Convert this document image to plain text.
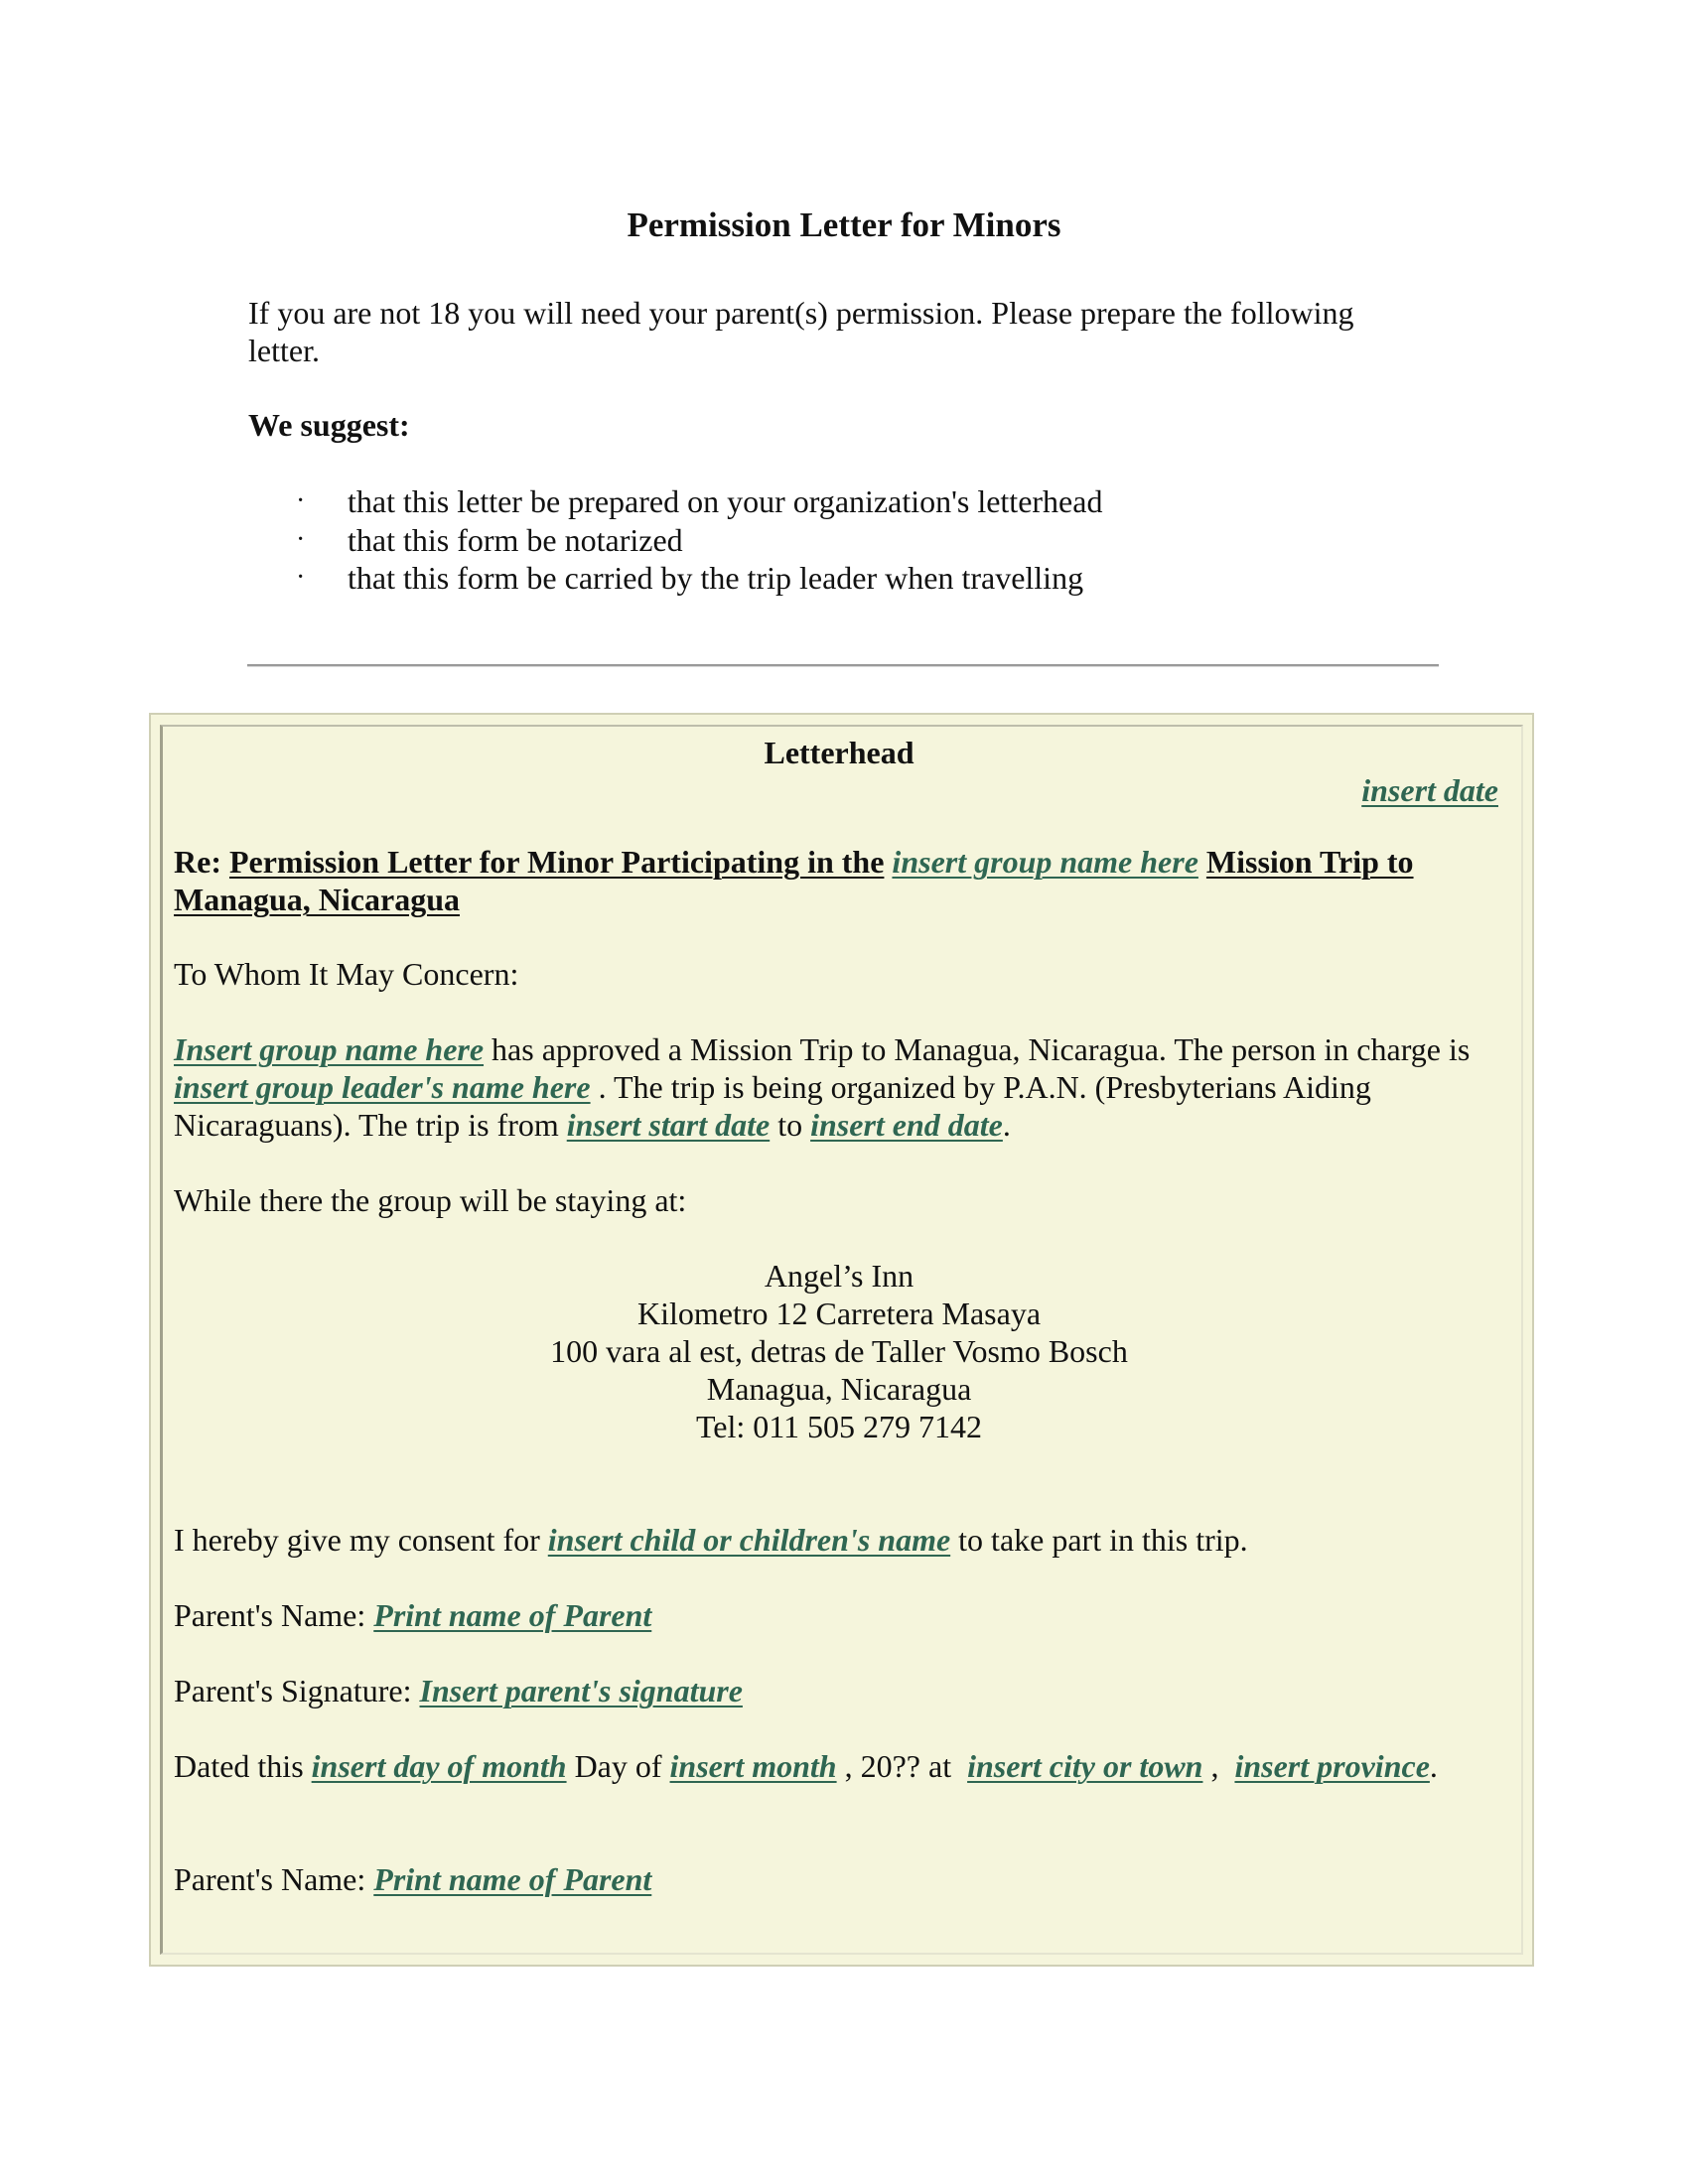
Permission Letter for Minors

If you are not 18 you will need your parent(s) permission. Please prepare the following letter.

We suggest:
· that this letter be prepared on your organization's letterhead
· that this form be notarized
· that this form be carried by the trip leader when travelling

Letterhead

insert date

Re: Permission Letter for Minor Participating in the insert group name here Mission Trip to Managua, Nicaragua

To Whom It May Concern:

Insert group name here has approved a Mission Trip to Managua, Nicaragua. The person in charge is insert group leader's name here . The trip is being organized by P.A.N. (Presbyterians Aiding Nicaraguans). The trip is from insert start date to insert end date.

While there the group will be staying at:

Angel’s Inn
Kilometro 12 Carretera Masaya
100 vara al est, detras de Taller Vosmo Bosch
Managua, Nicaragua
Tel: 011 505 279 7142

I hereby give my consent for insert child or children's name to take part in this trip.

Parent's Name: Print name of Parent

Parent's Signature: Insert parent's signature

Dated this insert day of month Day of insert month , 20?? at  insert city or town ,  insert province.

Parent's Name: Print name of Parent
